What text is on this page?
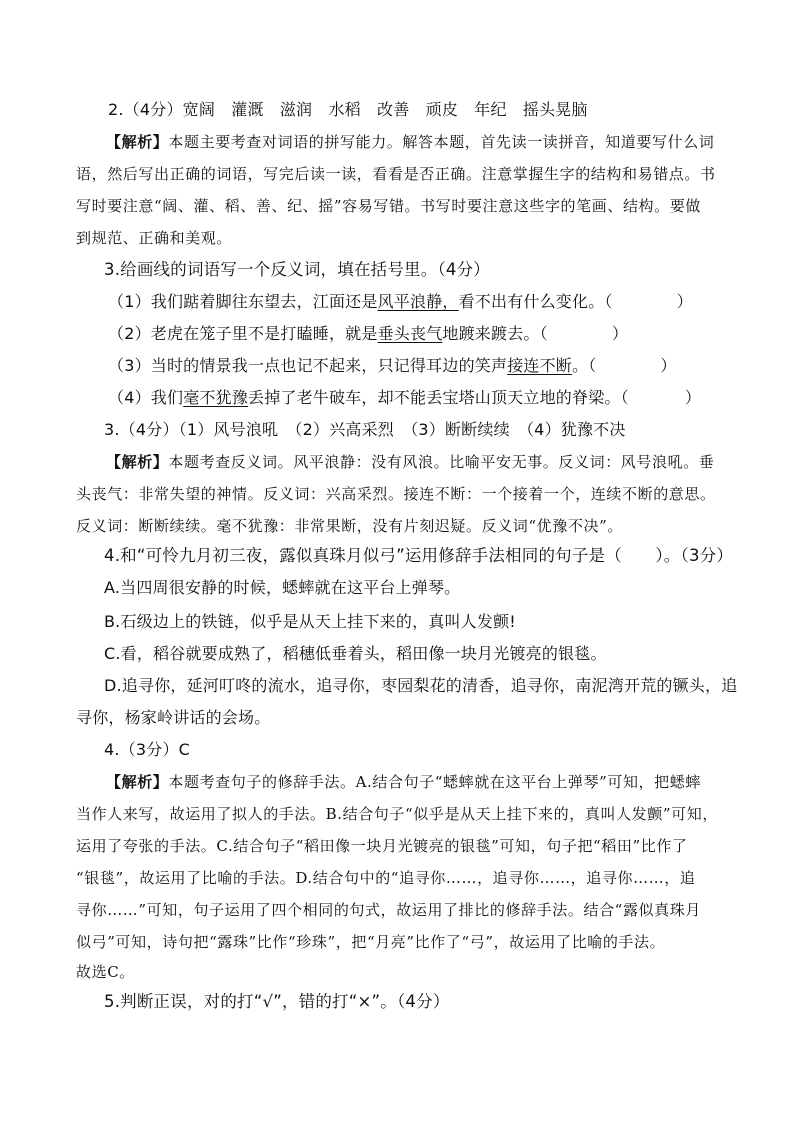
2.（4分）宽阔　灌溉　滋润　水稻　改善　顽皮　年纪　摇头晃脑
【解析】本题主要考查对词语的拼写能力。解答本题，首先读一读拼音，知道要写什么词
语，然后写出正确的词语，写完后读一读，看看是否正确。注意掌握生字的结构和易错点。书
写时要注意“阔、灌、稻、善、纪、摇”容易写错。书写时要注意这些字的笔画、结构。要做
到规范、正确和美观。
3.给画线的词语写一个反义词，填在括号里。（4分）
（1）我们踮着脚往东望去，江面还是风平浪静，看不出有什么变化。（	）
（2）老虎在笼子里不是打瞌睡，就是垂头丧气地踱来踱去。（	）
（3）当时的情景我一点也记不起来，只记得耳边的笑声接连不断。（	）
（4）我们毫不犹豫丢掉了老牛破车，却不能丢宝塔山顶天立地的脊梁。（	）
3.（4分）（1）风号浪吼　（2）兴高采烈　（3）断断续续　（4）犹豫不决
【解析】本题考查反义词。风平浪静：没有风浪。比喻平安无事。反义词：风号浪吼。垂
头丧气：非常失望的神情。反义词：兴高采烈。接连不断：一个接着一个，连续不断的意思。
反义词：断断续续。毫不犹豫：非常果断，没有片刻迟疑。反义词“优豫不决”。
4.和“可怜九月初三夜，露似真珠月似弓”运用修辞手法相同的句子是（　　）。（3分）
A.当四周很安静的时候，蟋蟀就在这平台上弹琴。
B.石级边上的铁链，似乎是从天上挂下来的，真叫人发颤!
C.看，稻谷就要成熟了，稻穗低垂着头，稻田像一块月光镀亮的银毯。
D.追寻你，延河叮咚的流水，追寻你，枣园梨花的清香，追寻你，南泥湾开荒的镢头，追
寻你，杨家岭讲话的会场。
4.（3分）C
【解析】本题考查句子的修辞手法。A.结合句子“蟋蟀就在这平台上弹琴”可知，把蟋蟀
当作人来写，故运用了拟人的手法。B.结合句子“似乎是从天上挂下来的，真叫人发颤”可知，
运用了夸张的手法。C.结合句子“稻田像一块月光镀亮的银毯”可知，句子把“稻田”比作了
“银毯”，故运用了比喻的手法。D.结合句中的“追寻你……，追寻你……，追寻你……，追
寻你……”可知，句子运用了四个相同的句式，故运用了排比的修辞手法。结合“露似真珠月
似弓”可知，诗句把“露珠”比作“珍珠”，把“月亮”比作了“弓”，故运用了比喻的手法。
故选C。
5.判断正误，对的打“√”，错的打“×”。（4分）
